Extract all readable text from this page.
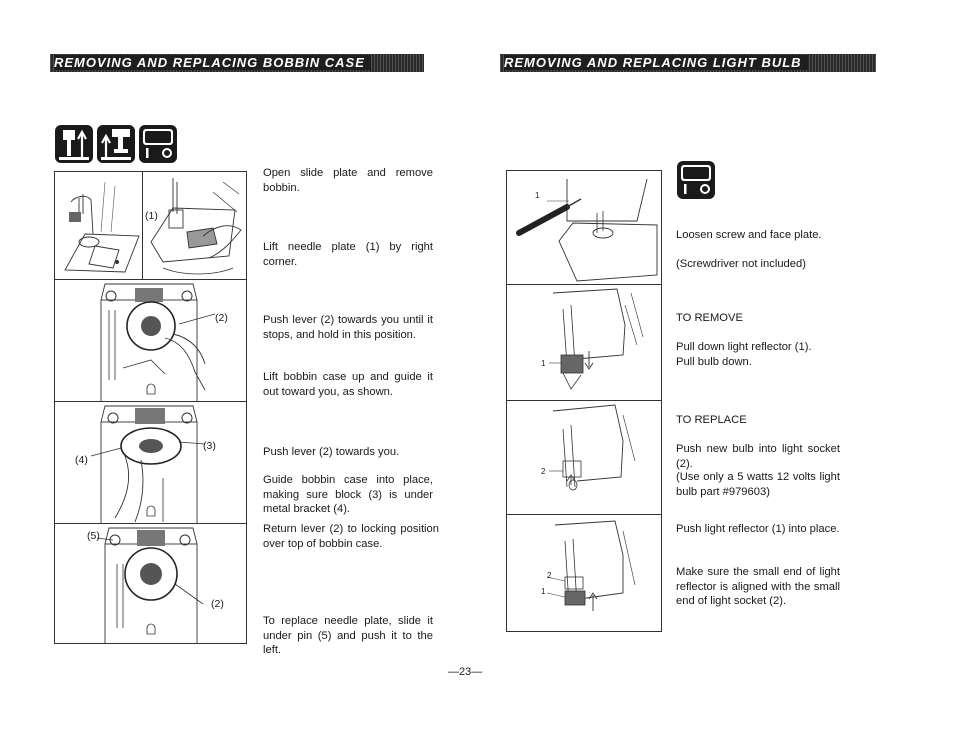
REMOVING AND REPLACING BOBBIN CASE
(1)
(2)
(3)
(4)
(5)
(2)
Open slide plate and remove bobbin.
Lift needle plate (1) by right corner.
Push lever (2) towards you until it stops, and hold in this position.
Lift bobbin case up and guide it out toward you, as shown.
Push lever (2) towards you.
Guide bobbin case into place, making sure block (3) is under metal bracket (4).
Return lever (2) to locking position over top of bobbin case.
To replace needle plate, slide it under pin (5) and push it to the left.
REMOVING AND REPLACING LIGHT BULB
1
1
2
2
1
Loosen screw and face plate.
(Screwdriver not included)
TO REMOVE
Pull down light reflector (1). Pull bulb down.
TO REPLACE
Push new bulb into light socket (2).
(Use only a 5 watts 12 volts light bulb part #979603)
Push light reflector (1) into place.
Make sure the small end of light reflector is aligned with the small end of light socket (2).
—23—
